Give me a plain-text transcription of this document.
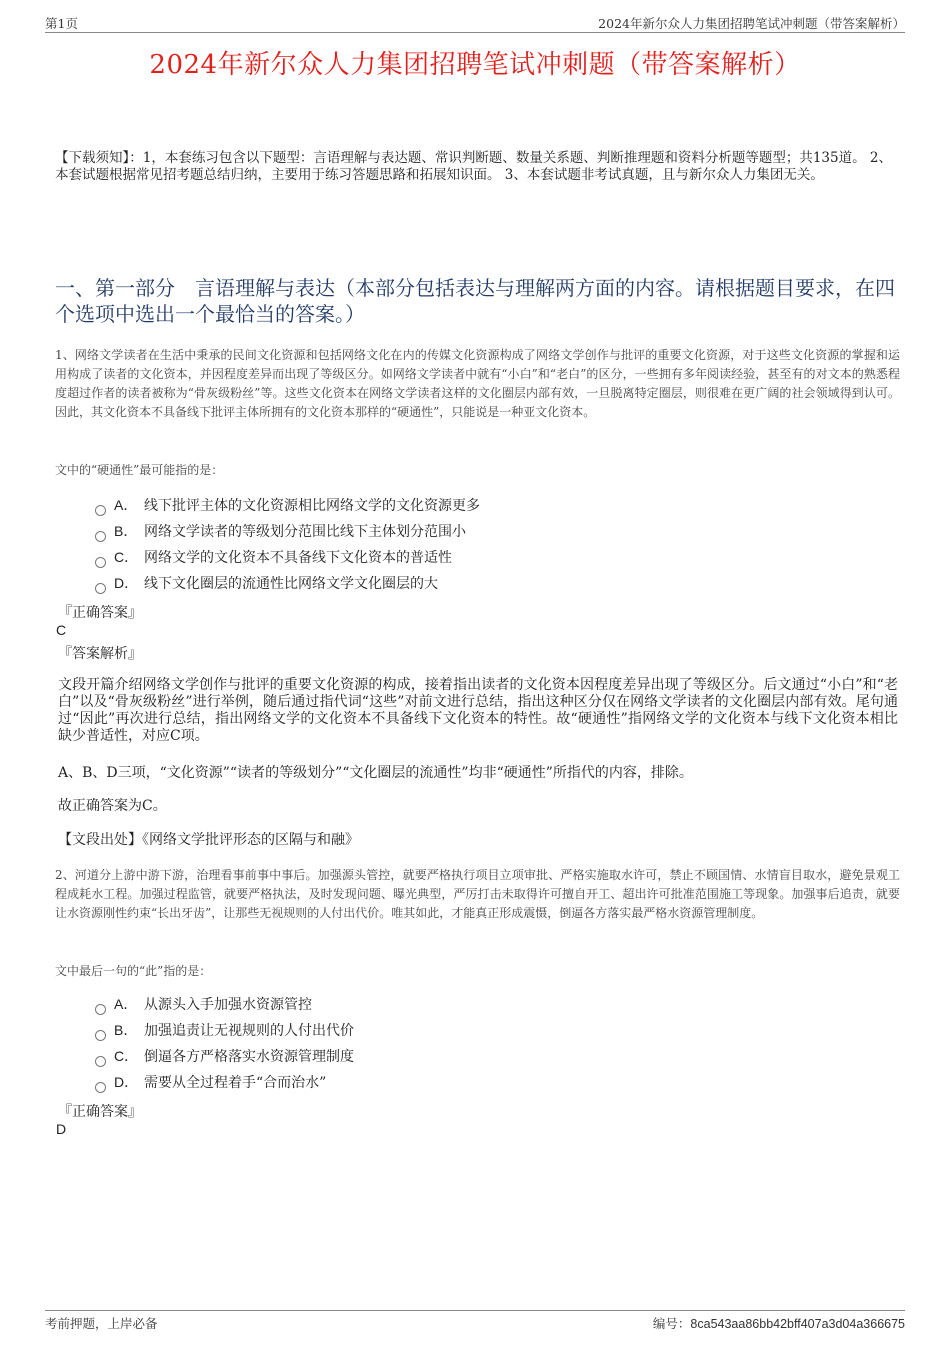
第1页	2024年新尔众人力集团招聘笔试冲刺题（带答案解析）
2024年新尔众人力集团招聘笔试冲刺题（带答案解析）
【下载须知】：1，本套练习包含以下题型：言语理解与表达题、常识判断题、数量关系题、判断推理题和资料分析题等题型；共135道。 2、本套试题根据常见招考题总结归纳，主要用于练习答题思路和拓展知识面。 3、本套试题非考试真题，且与新尔众人力集团无关。
一、第一部分　言语理解与表达（本部分包括表达与理解两方面的内容。请根据题目要求，在四个选项中选出一个最恰当的答案。）
1、网络文学读者在生活中秉承的民间文化资源和包括网络文化在内的传媒文化资源构成了网络文学创作与批评的重要文化资源，对于这些文化资源的掌握和运用构成了读者的文化资本，并因程度差异而出现了等级区分。如网络文学读者中就有“小白”和“老白”的区分，一些拥有多年阅读经验，甚至有的对文本的熟悉程度超过作者的读者被称为“骨灰级粉丝”等。这些文化资本在网络文学读者这样的文化圈层内部有效，一旦脱离特定圈层，则很难在更广阔的社会领域得到认可。因此，其文化资本不具备线下批评主体所拥有的文化资本那样的“硬通性”，只能说是一种亚文化资本。
文中的“硬通性”最可能指的是：
A． 线下批评主体的文化资源相比网络文学的文化资源更多
B． 网络文学读者的等级划分范围比线下主体划分范围小
C． 网络文学的文化资本不具备线下文化资本的普适性
D． 线下文化圈层的流通性比网络文学文化圈层的大
『正确答案』
C
『答案解析』
文段开篇介绍网络文学创作与批评的重要文化资源的构成，接着指出读者的文化资本因程度差异出现了等级区分。后文通过“小白”和“老白”以及“骨灰级粉丝”进行举例，随后通过指代词“这些”对前文进行总结，指出这种区分仅在网络文学读者的文化圈层内部有效。尾句通过“因此”再次进行总结，指出网络文学的文化资本不具备线下文化资本的特性。故“硬通性”指网络文学的文化资本与线下文化资本相比缺少普适性，对应C项。
A、B、D三项，“文化资源”“读者的等级划分”“文化圈层的流通性”均非“硬通性”所指代的内容，排除。
故正确答案为C。
【文段出处】《网络文学批评形态的区隔与和融》
2、河道分上游中游下游，治理看事前事中事后。加强源头管控，就要严格执行项目立项审批、严格实施取水许可，禁止不顾国情、水情盲目取水，避免景观工程成耗水工程。加强过程监管，就要严格执法，及时发现问题、曝光典型，严厉打击未取得许可擅自开工、超出许可批准范围施工等现象。加强事后追责，就要让水资源刚性约束“长出牙齿”，让那些无视规则的人付出代价。唯其如此，才能真正形成震慑，倒逼各方落实最严格水资源管理制度。
文中最后一句的“此”指的是：
A． 从源头入手加强水资源管控
B． 加强追责让无视规则的人付出代价
C． 倒逼各方严格落实水资源管理制度
D． 需要从全过程着手“合而治水”
『正确答案』
D
考前押题，上岸必备	编号：8ca543aa86bb42bff407a3d04a366675
